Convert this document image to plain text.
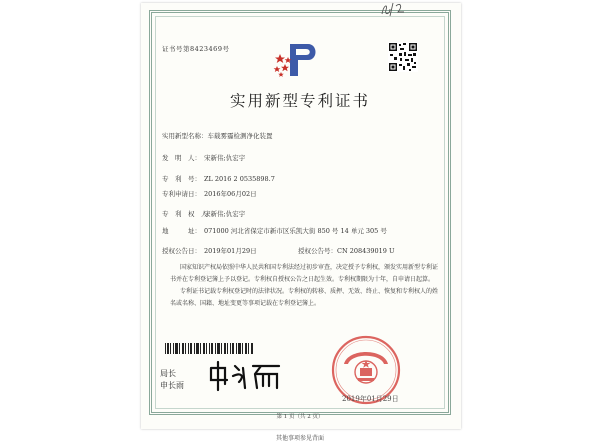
证书号第8423469号
实用新型专利证书
实用新型名称：车载雾霾检测净化装置
发　明　人： 宋新伟;仇宏宇
专　利　号： ZL 2016 2 0535898.7
专利申请日： 2016年06月02日
专　利　权　人：宋新伟;仇宏宇
地　　　址： 071000 河北省保定市新市区乐凯大街 850 号 14 单元 305 号
授权公告日： 2019年01月29日	授权公告号：CN 208439019 U

国家知识产权局依照中华人民共和国专利法经过初步审查，决定授予专利权，颁发实用新型专利证书并在专利登记簿上予以登记。专利权自授权公告之日起生效。专利权期限为十年，自申请日起算。

专利证书记载专利权登记时的法律状况。专利权的转移、质押、无效、终止、恢复和专利权人的姓名或名称、国籍、地址变更等事项记载在专利登记簿上。

局长
申长雨
2019年01月29日
第 1 页（共 2 页）
其他事项参见背面
